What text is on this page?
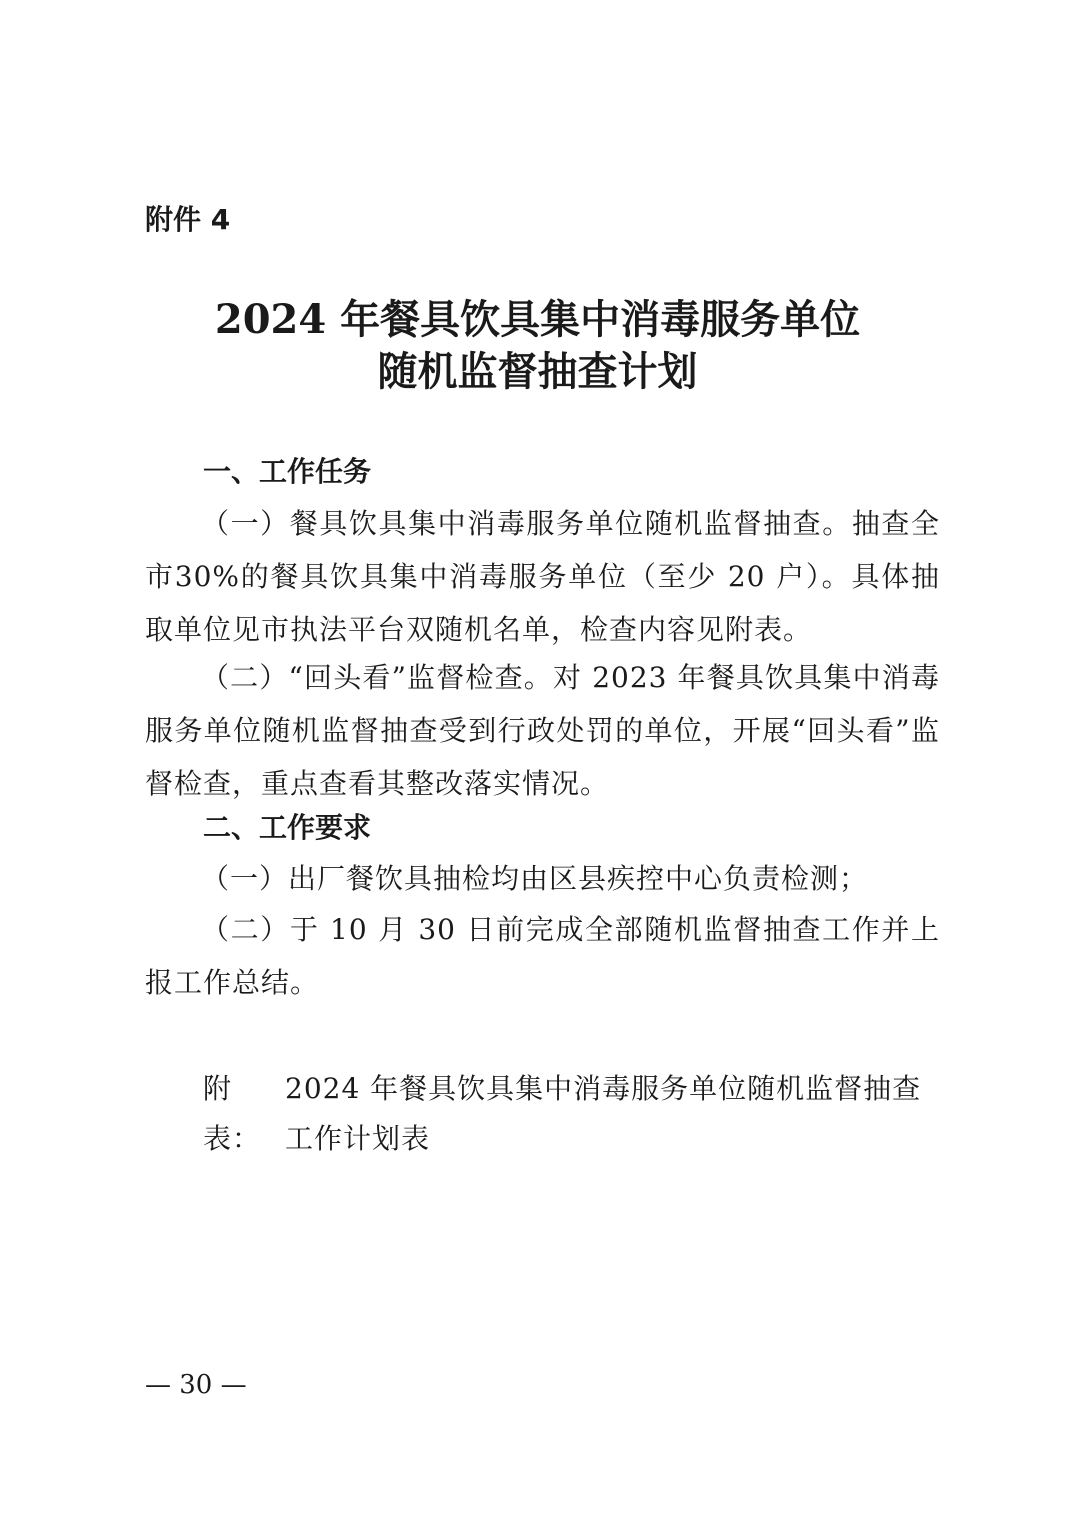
附件 4
2024 年餐具饮具集中消毒服务单位
随机监督抽查计划
一、工作任务
（一）餐具饮具集中消毒服务单位随机监督抽查。抽查全市30%的餐具饮具集中消毒服务单位（至少 20 户）。具体抽取单位见市执法平台双随机名单，检查内容见附表。
（二）“回头看”监督检查。对 2023 年餐具饮具集中消毒服务单位随机监督抽查受到行政处罚的单位，开展“回头看”监督检查，重点查看其整改落实情况。
二、工作要求
（一）出厂餐饮具抽检均由区县疾控中心负责检测；
（二）于 10 月 30 日前完成全部随机监督抽查工作并上报工作总结。
附表：
2024 年餐具饮具集中消毒服务单位随机监督抽查工作计划表
— 30 —
